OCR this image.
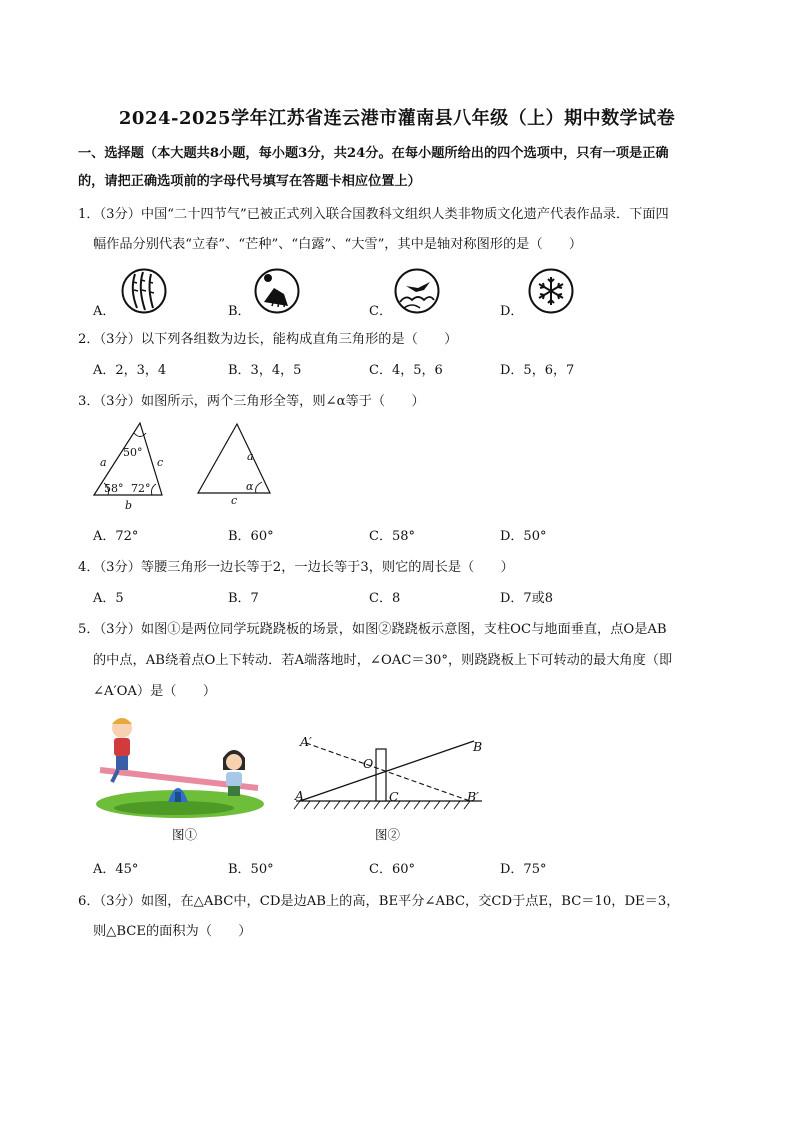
2024-2025学年江苏省连云港市灌南县八年级（上）期中数学试卷
一、选择题（本大题共8小题，每小题3分，共24分。在每小题所给出的四个选项中，只有一项是正确
的，请把正确选项前的字母代号填写在答题卡相应位置上）
1．（3分）中国“二十四节气”已被正式列入联合国教科文组织人类非物质文化遗产代表作品录．下面四
幅作品分别代表“立春”、“芒种”、“白露”、“大雪”，其中是轴对称图形的是（　　）
A．	B．	C．	D．
2．（3分）以下列各组数为边长，能构成直角三角形的是（　　）
A．2，3，4	B．3，4，5	C．4，5，6	D．5，6，7
3．（3分）如图所示，两个三角形全等，则∠α等于（　　）
50°
58° 72°
a	c
b
a
c
α
A．72°	B．60°	C．58°	D．50°
4．（3分）等腰三角形一边长等于2，一边长等于3，则它的周长是（　　）
A．5	B．7	C．8	D．7或8
5．（3分）如图①是两位同学玩跷跷板的场景，如图②跷跷板示意图，支柱OC与地面垂直，点O是AB
的中点，AB绕着点O上下转动．若A端落地时，∠OAC＝30°，则跷跷板上下可转动的最大角度（即
∠A′OA）是（　　）
图①
A′	B
O
A	C	B′
图②
A．45°	B．50°	C．60°	D．75°
6．（3分）如图，在△ABC中，CD是边AB上的高，BE平分∠ABC，交CD于点E，BC＝10，DE＝3，
则△BCE的面积为（　　）
